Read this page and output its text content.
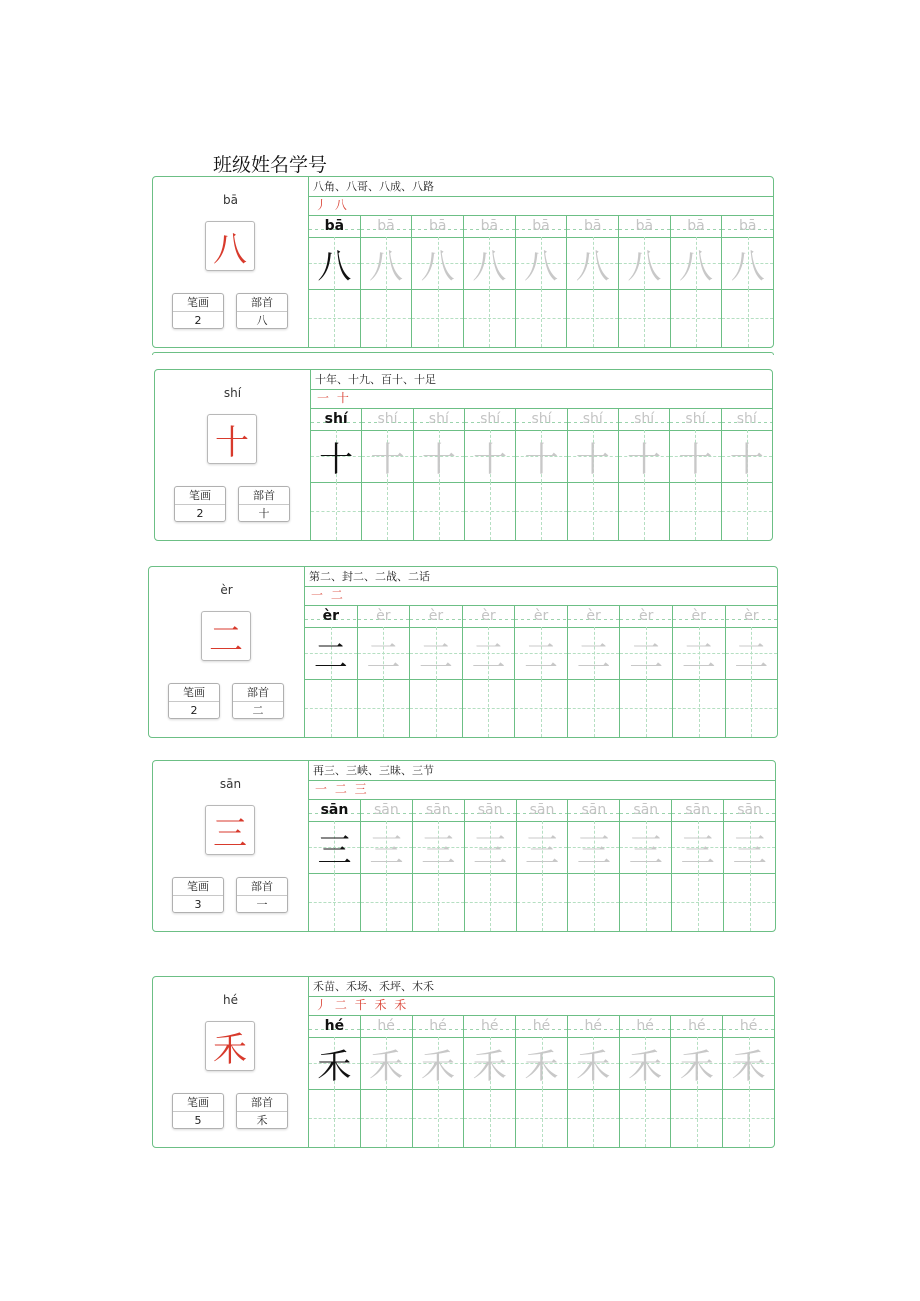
班级姓名学号
bā
八
笔画
2
部首
八
八角、八哥、八成、八路
丿 八
bā
八
bā
八
bā
八
bā
八
bā
八
bā
八
bā
八
bā
八
bā
八
shí
十
笔画
2
部首
十
十年、十九、百十、十足
一 十
shí
十
shí
十
shí
十
shí
十
shí
十
shí
十
shí
十
shí
十
shí
十
èr
二
笔画
2
部首
二
第二、封二、二战、二话
一 二
èr
二
èr
二
èr
二
èr
二
èr
二
èr
二
èr
二
èr
二
èr
二
sān
三
笔画
3
部首
一
再三、三峡、三昧、三节
一 二 三
sān
三
sān
三
sān
三
sān
三
sān
三
sān
三
sān
三
sān
三
sān
三
hé
禾
笔画
5
部首
禾
禾苗、禾场、禾坪、木禾
丿 二 千 禾 禾
hé
禾
hé
禾
hé
禾
hé
禾
hé
禾
hé
禾
hé
禾
hé
禾
hé
禾
